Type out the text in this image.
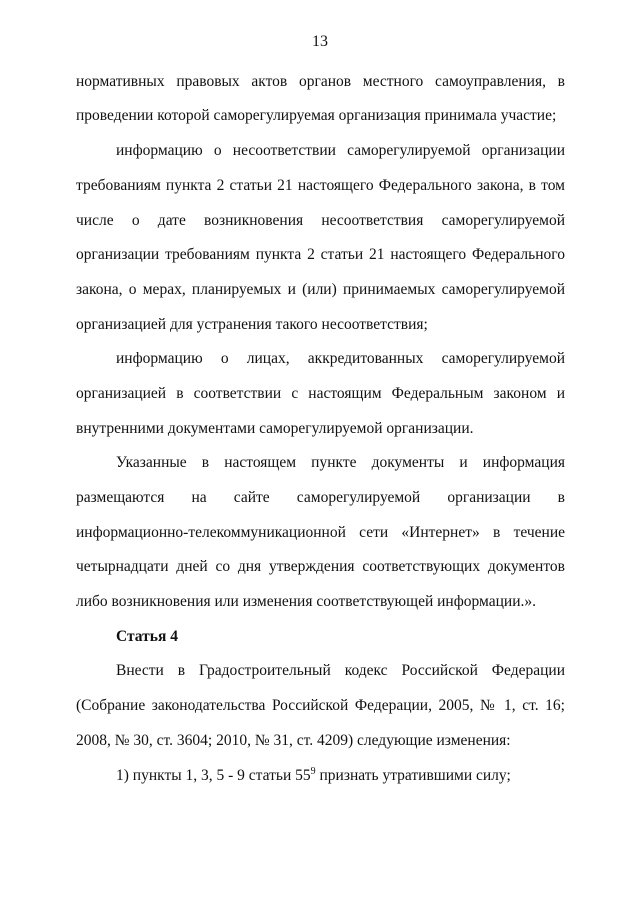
13
нормативных правовых актов органов местного самоуправления, в
проведении которой саморегулируемая организация принимала участие;
информацию о несоответствии саморегулируемой организации
требованиям пункта 2 статьи 21 настоящего Федерального закона, в том
числе о дате возникновения несоответствия саморегулируемой
организации требованиям пункта 2 статьи 21 настоящего Федерального
закона, о мерах, планируемых и (или) принимаемых саморегулируемой
организацией для устранения такого несоответствия;
информацию о лицах, аккредитованных саморегулируемой
организацией в соответствии с настоящим Федеральным законом и
внутренними документами саморегулируемой организации.
Указанные в настоящем пункте документы и информация
размещаются на сайте саморегулируемой организации в
информационно-телекоммуникационной сети «Интернет» в течение
четырнадцати дней со дня утверждения соответствующих документов
либо возникновения или изменения соответствующей информации.».
Статья 4
Внести в Градостроительный кодекс Российской Федерации
(Собрание законодательства Российской Федерации, 2005, № 1, ст. 16;
2008, № 30, ст. 3604; 2010, № 31, ст. 4209) следующие изменения:
1) пункты 1, 3, 5 - 9 статьи $55^9$ признать утратившими силу;
